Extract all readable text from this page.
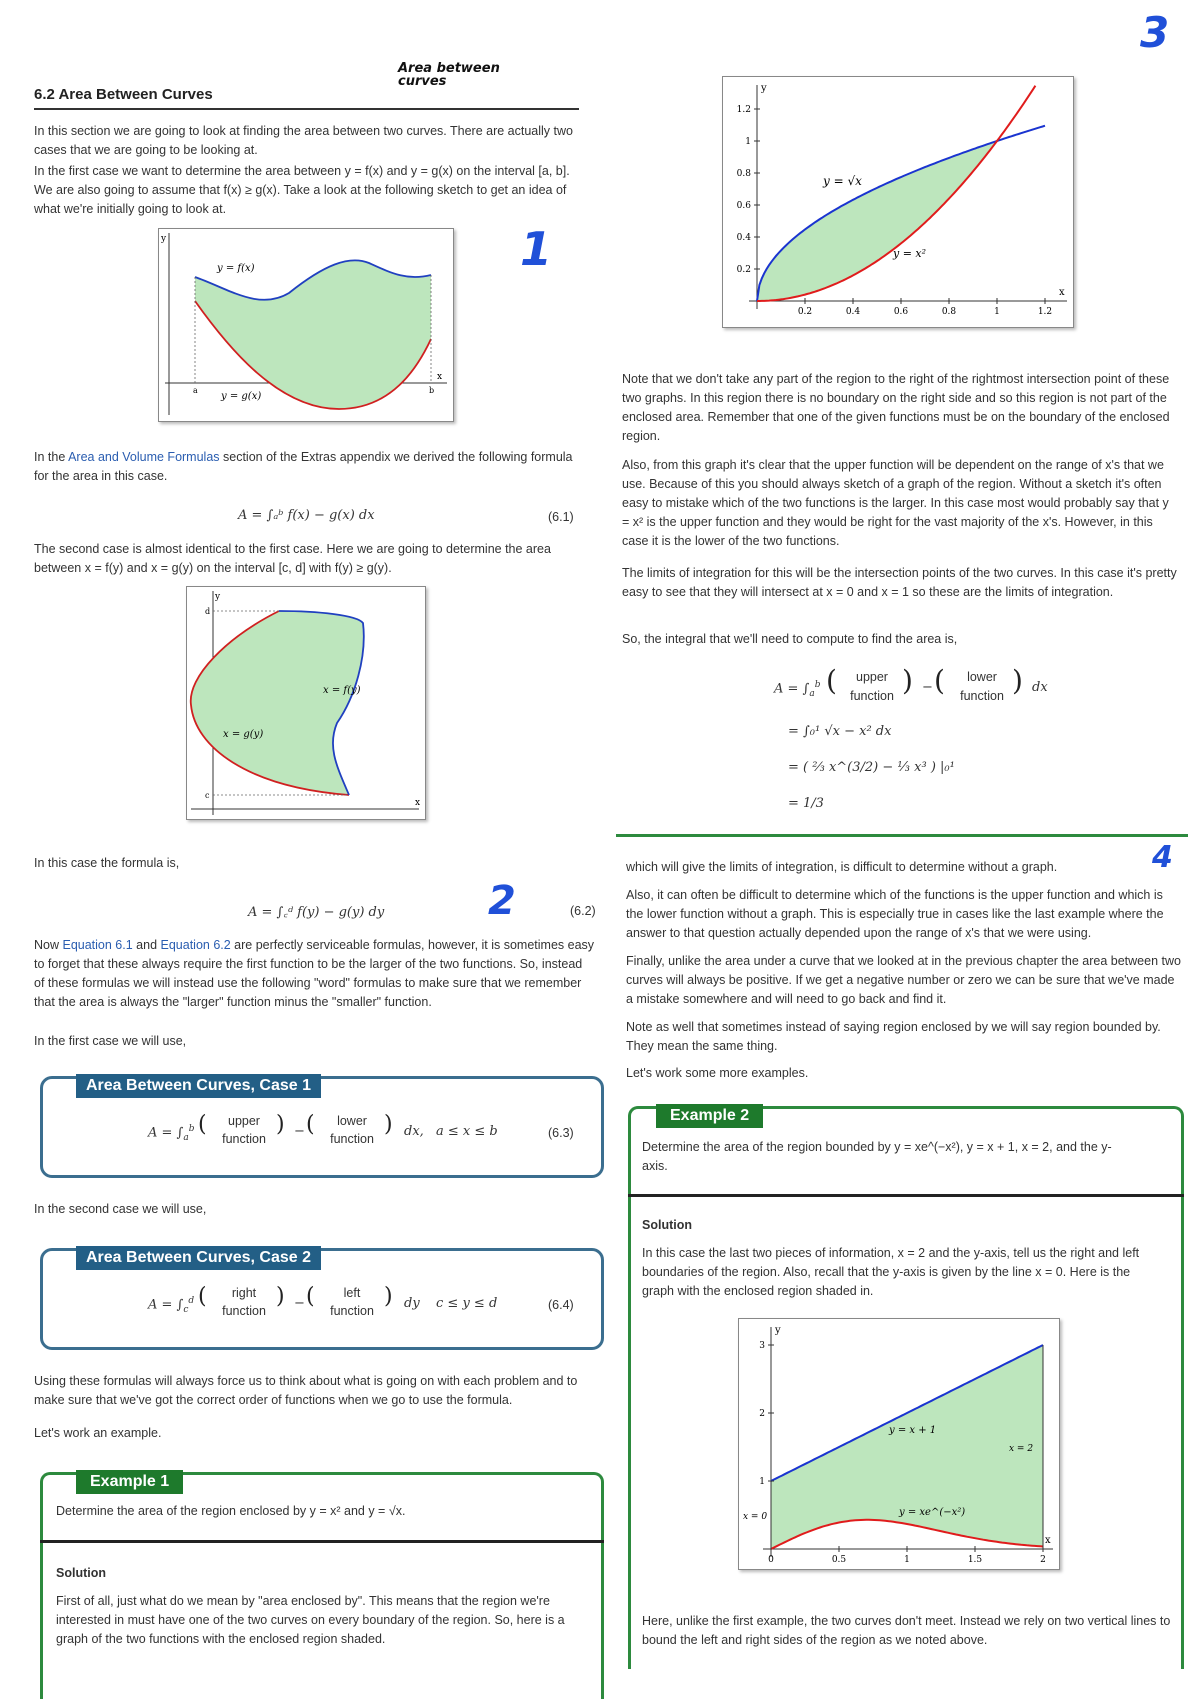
Area between curves
1
2
3
4
6.2 Area Between Curves
In this section we are going to look at finding the area between two curves. There are actually two cases that we are going to be looking at.
In the first case we want to determine the area between y = f(x) and y = g(x) on the interval [a, b]. We are also going to assume that f(x) ≥ g(x). Take a look at the following sketch to get an idea of what we're initially going to look at.
x
y
a	b
y = f(x)
y = g(x)
In the Area and Volume Formulas section of the Extras appendix we derived the following formula for the area in this case.
A = ∫ₐᵇ f(x) − g(x) dx	(6.1)
The second case is almost identical to the first case. Here we are going to determine the area between x = f(y) and x = g(y) on the interval [c, d] with f(y) ≥ g(y).
x
y
d
c
x = f(y)
x = g(y)
In this case the formula is,
A = ∫꜀ᵈ f(y) − g(y) dy	(6.2)
Now Equation 6.1 and Equation 6.2 are perfectly serviceable formulas, however, it is sometimes easy to forget that these always require the first function to be the larger of the two functions. So, instead of these formulas we will instead use the following "word" formulas to make sure that we remember that the area is always the "larger" function minus the "smaller" function.
In the first case we will use,
Area Between Curves, Case 1
$A = \int_a^b$ (	upper
function
) − (	lower
function
) dx, a ≤ x ≤ b	(6.3)
In the second case we will use,
Area Between Curves, Case 2
$A = \int_c^d$ (	right
function
) − (	left
function
) dy c ≤ y ≤ d	(6.4)
Using these formulas will always force us to think about what is going on with each problem and to make sure that we've got the correct order of functions when we go to use the formula.
Let's work an example.
Example 1
Determine the area of the region enclosed by y = x² and y = √x.
Solution
First of all, just what do we mean by "area enclosed by". This means that the region we're interested in must have one of the two curves on every boundary of the region. So, here is a graph of the two functions with the enclosed region shaded.
0.2	0.4	0.6	0.8	1	1.2
0.2
0.4
0.6
0.8
1
1.2
x
y
y = √x
y = x²
Note that we don't take any part of the region to the right of the rightmost intersection point of these two graphs. In this region there is no boundary on the right side and so this region is not part of the enclosed area. Remember that one of the given functions must be on the boundary of the enclosed region.
Also, from this graph it's clear that the upper function will be dependent on the range of x's that we use. Because of this you should always sketch of a graph of the region. Without a sketch it's often easy to mistake which of the two functions is the larger. In this case most would probably say that y = x² is the upper function and they would be right for the vast majority of the x's. However, in this case it is the lower of the two functions.
The limits of integration for this will be the intersection points of the two curves. In this case it's pretty easy to see that they will intersect at x = 0 and x = 1 so these are the limits of integration.
So, the integral that we'll need to compute to find the area is,
$A = \int_a^b$ (	upper
function ) − (	lower
function ) dx
= ∫₀¹ √x − x² dx
= ( ⅔ x^(3/2) − ⅓ x³ ) |₀¹
= 1/3
which will give the limits of integration, is difficult to determine without a graph.
Also, it can often be difficult to determine which of the functions is the upper function and which is the lower function without a graph. This is especially true in cases like the last example where the answer to that question actually depended upon the range of x's that we were using.
Finally, unlike the area under a curve that we looked at in the previous chapter the area between two curves will always be positive. If we get a negative number or zero we can be sure that we've made a mistake somewhere and will need to go back and find it.
Note as well that sometimes instead of saying region enclosed by we will say region bounded by. They mean the same thing.
Let's work some more examples.
Example 2
Determine the area of the region bounded by y = xe^(−x²), y = x + 1, x = 2, and the y-axis.
Solution
In this case the last two pieces of information, x = 2 and the y-axis, tell us the right and left boundaries of the region. Also, recall that the y-axis is given by the line x = 0. Here is the graph with the enclosed region shaded in.
0	0.5	1	1.5	2
1
2
3
x
y
y = x + 1
y = xe^(−x²)
x = 2
x = 0
Here, unlike the first example, the two curves don't meet. Instead we rely on two vertical lines to bound the left and right sides of the region as we noted above.
